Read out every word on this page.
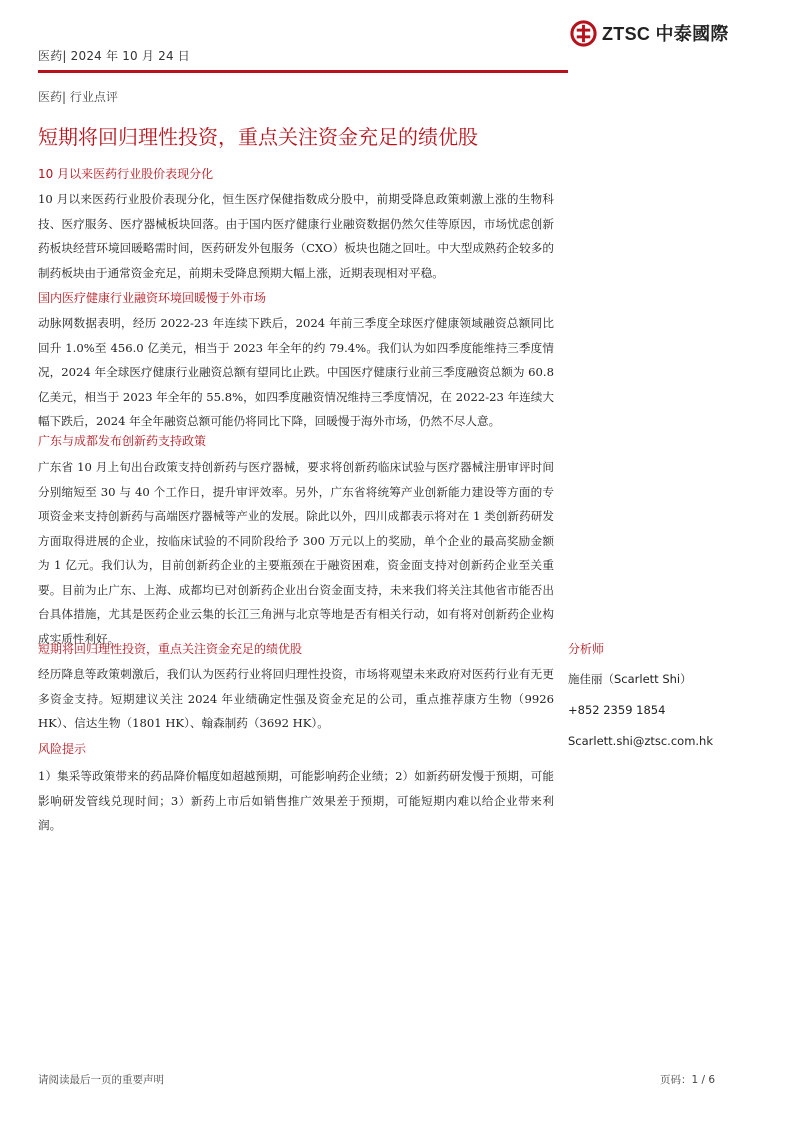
医药| 2024 年 10 月 24 日
ZTSC 中泰國際
医药| 行业点评
短期将回归理性投资，重点关注资金充足的绩优股
10 月以来医药行业股价表现分化
10 月以来医药行业股价表现分化，恒生医疗保健指数成分股中，前期受降息政策刺激上涨的生物科技、医疗服务、医疗器械板块回落。由于国内医疗健康行业融资数据仍然欠佳等原因，市场忧虑创新药板块经营环境回暖略需时间，医药研发外包服务（CXO）板块也随之回吐。中大型成熟药企较多的制药板块由于通常资金充足，前期未受降息预期大幅上涨，近期表现相对平稳。
国内医疗健康行业融资环境回暖慢于外市场
动脉网数据表明，经历 2022-23 年连续下跌后，2024 年前三季度全球医疗健康领域融资总额同比回升 1.0%至 456.0 亿美元，相当于 2023 年全年的约 79.4%。我们认为如四季度能维持三季度情况，2024 年全球医疗健康行业融资总额有望同比止跌。中国医疗健康行业前三季度融资总额为 60.8 亿美元，相当于 2023 年全年的 55.8%，如四季度融资情况维持三季度情况，在 2022-23 年连续大幅下跌后，2024 年全年融资总额可能仍将同比下降，回暖慢于海外市场，仍然不尽人意。
广东与成都发布创新药支持政策
广东省 10 月上旬出台政策支持创新药与医疗器械，要求将创新药临床试验与医疗器械注册审评时间分别缩短至 30 与 40 个工作日，提升审评效率。另外，广东省将统筹产业创新能力建设等方面的专项资金来支持创新药与高端医疗器械等产业的发展。除此以外，四川成都表示将对在 1 类创新药研发方面取得进展的企业，按临床试验的不同阶段给予 300 万元以上的奖励，单个企业的最高奖励金额为 1 亿元。我们认为，目前创新药企业的主要瓶颈在于融资困难，资金面支持对创新药企业至关重要。目前为止广东、上海、成都均已对创新药企业出台资金面支持，未来我们将关注其他省市能否出台具体措施，尤其是医药企业云集的长江三角洲与北京等地是否有相关行动，如有将对创新药企业构成实质性利好。
短期将回归理性投资，重点关注资金充足的绩优股
经历降息等政策刺激后，我们认为医药行业将回归理性投资，市场将观望未来政府对医药行业有无更多资金支持。短期建议关注 2024 年业绩确定性强及资金充足的公司，重点推荐康方生物（9926 HK）、信达生物（1801 HK）、翰森制药（3692 HK）。
风险提示
1）集采等政策带来的药品降价幅度如超越预期，可能影响药企业绩；2）如新药研发慢于预期，可能影响研发管线兑现时间；3）新药上市后如销售推广效果差于预期，可能短期内难以给企业带来利润。
分析师
施佳丽（Scarlett Shi）
+852 2359 1854
Scarlett.shi@ztsc.com.hk
请阅读最后一页的重要声明	页码：1 / 6
